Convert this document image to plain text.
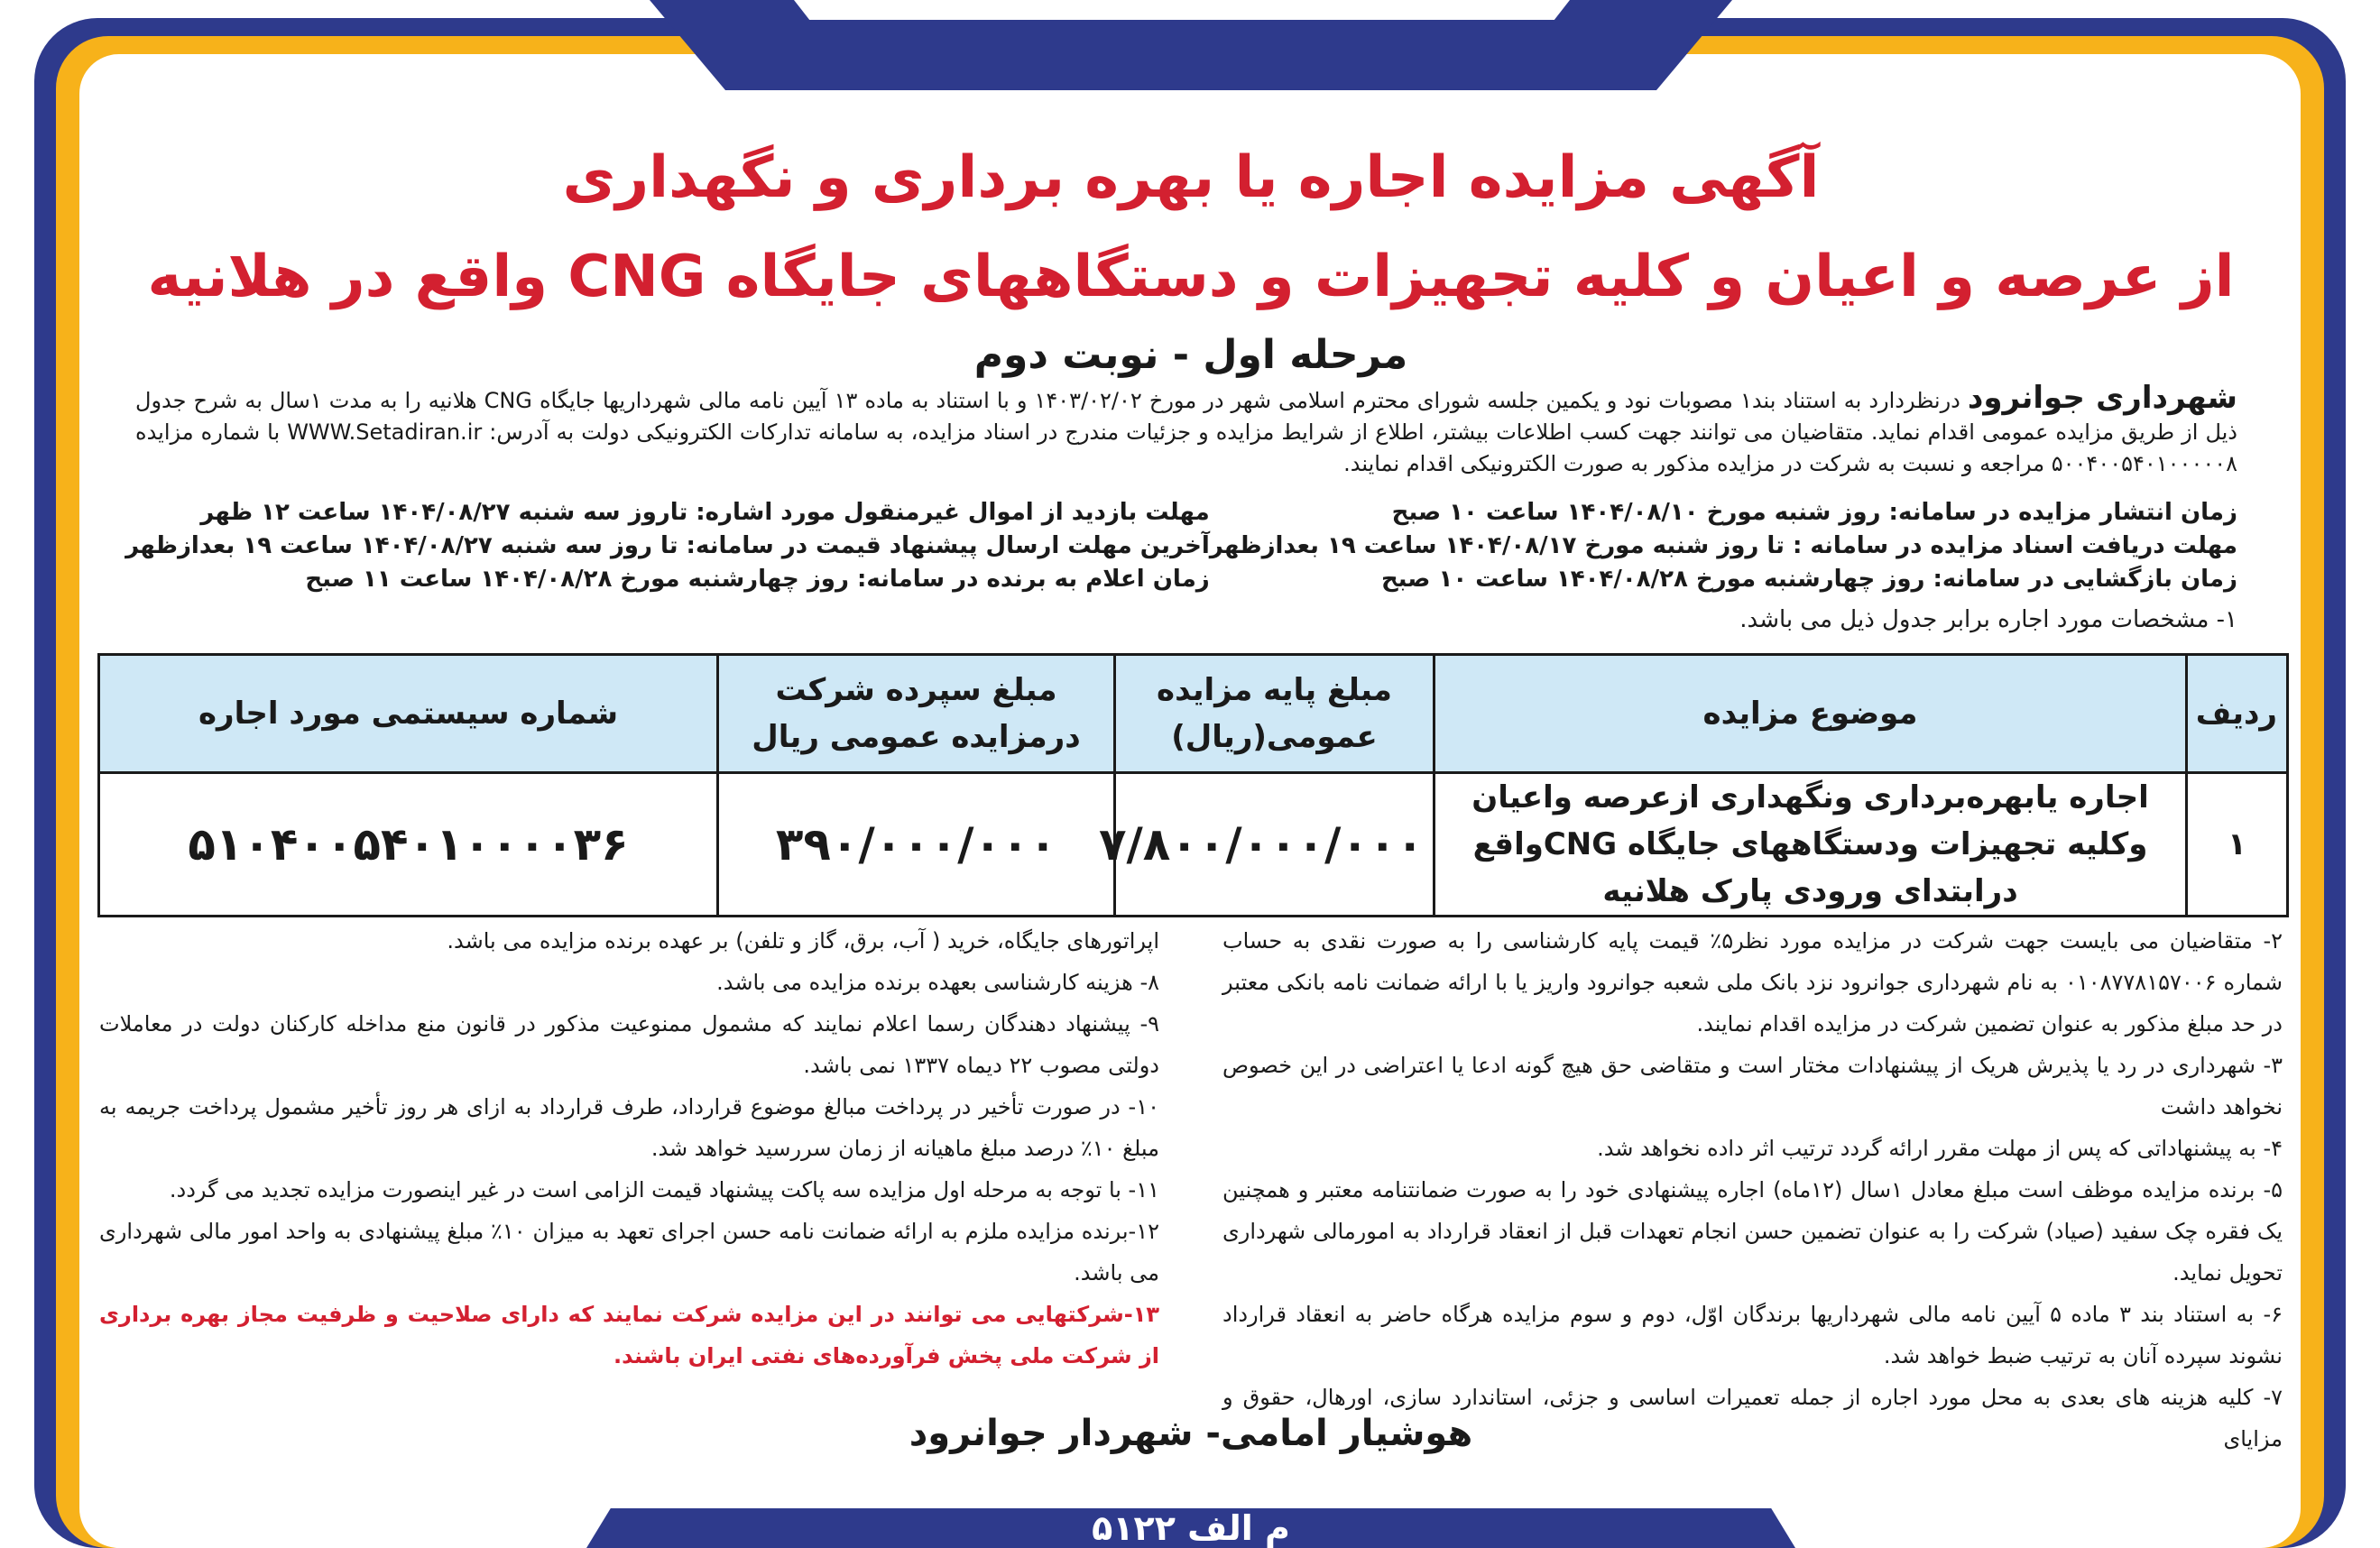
م الف ۵۱۲۲
آگهی مزایده اجاره یا بهره برداری و نگهداری
از عرصه و اعیان و کلیه تجهیزات و دستگاههای جایگاه CNG واقع در هلانیه
مرحله اول - نوبت دوم
شهرداری جوانرود درنظردارد به استناد بند۱ مصوبات نود و یکمین جلسه شورای محترم اسلامی شهر در مورخ ۱۴۰۳/۰۲/۰۲ و با استناد به ماده ۱۳ آیین نامه مالی شهرداریها جایگاه CNG هلانیه را به مدت ۱سال به شرح جدول ذیل از طریق مزایده عمومی اقدام نماید. متقاضیان می توانند جهت کسب اطلاعات بیشتر، اطلاع از شرایط مزایده و جزئیات مندرج در اسناد مزایده، به سامانه تدارکات الکترونیکی دولت به آدرس: WWW.Setadiran.ir با شماره مزایده ۵۰۰۴۰۰۵۴۰۱۰۰۰۰۰۸ مراجعه و نسبت به شرکت در مزایده مذکور به صورت الکترونیکی اقدام نمایند.
زمان انتشار مزایده در سامانه: روز شنبه مورخ ۱۴۰۴/۰۸/۱۰ ساعت ۱۰ صبح
مهلت دریافت اسناد مزایده در سامانه : تا روز شنبه مورخ ۱۴۰۴/۰۸/۱۷ ساعت ۱۹ بعدازظهر
زمان بازگشایی در سامانه: روز چهارشنبه مورخ ۱۴۰۴/۰۸/۲۸ ساعت ۱۰ صبح
مهلت بازدید از اموال غیرمنقول مورد اشاره: تاروز سه شنبه ۱۴۰۴/۰۸/۲۷ ساعت ۱۲ ظهر
آخرین مهلت ارسال پیشنهاد قیمت در سامانه: تا روز سه شنبه ۱۴۰۴/۰۸/۲۷ ساعت ۱۹ بعدازظهر
زمان اعلام به برنده در سامانه: روز چهارشنبه مورخ ۱۴۰۴/۰۸/۲۸ ساعت ۱۱ صبح
۱- مشخصات مورد اجاره برابر جدول ذیل می باشد.
ردیف	موضوع مزایده	مبلغ پایه مزایده عمومی(ریال)	مبلغ سپرده شرکت درمزایده عمومی ریال	شماره سیستمی مورد اجاره
۱	اجاره یابهره‌برداری ونگهداری ازعرصه واعیان وکلیه تجهیزات ودستگاههای جایگاه CNGواقع درابتدای ورودی پارک هلانیه	۷/۸۰۰/۰۰۰/۰۰۰	۳۹۰/۰۰۰/۰۰۰	۵۱۰۴۰۰۵۴۰۱۰۰۰۰۳۶

۲- متقاضیان می بایست جهت شرکت در مزایده مورد نظر۵٪ قیمت پایه کارشناسی را به صورت نقدی به حساب شماره ۰۱۰۸۷۷۸۱۵۷۰۰۶ به نام شهرداری جوانرود نزد بانک ملی شعبه جوانرود واریز یا با ارائه ضمانت نامه بانکی معتبر در حد مبلغ مذکور به عنوان تضمین شرکت در مزایده اقدام نمایند.

۳- شهرداری در رد یا پذیرش هریک از پیشنهادات مختار است و متقاضی حق هیچ گونه ادعا یا اعتراضی در این خصوص نخواهد داشت

۴- به پیشنهاداتی که پس از مهلت مقرر ارائه گردد ترتیب اثر داده نخواهد شد.

۵- برنده مزایده موظف است مبلغ معادل ۱سال (۱۲ماه) اجاره پیشنهادی خود را به صورت ضمانتنامه معتبر و همچنین یک فقره چک سفید (صیاد) شرکت را به عنوان تضمین حسن انجام تعهدات قبل از انعقاد قرارداد به امورمالی شهرداری تحویل نماید.

۶- به استناد بند ۳ ماده ۵ آیین نامه مالی شهرداریها برندگان اوّل، دوم و سوم مزایده هرگاه حاضر به انعقاد قرارداد نشوند سپرده آنان به ترتیب ضبط خواهد شد.

۷- کلیه هزینه های بعدی به محل مورد اجاره از جمله تعمیرات اساسی و جزئی، استاندارد سازی، اورهال، حقوق و مزایای

اپراتورهای جایگاه، خرید ( آب، برق، گاز و تلفن) بر عهده برنده مزایده می باشد.

۸- هزینه کارشناسی بعهده برنده مزایده می باشد.

۹- پیشنهاد دهندگان رسما اعلام نمایند که مشمول ممنوعیت مذکور در قانون منع مداخله کارکنان دولت در معاملات دولتی مصوب ۲۲ دیماه ۱۳۳۷ نمی باشد.

۱۰- در صورت تأخیر در پرداخت مبالغ موضوع قرارداد، طرف قرارداد به ازای هر روز تأخیر مشمول پرداخت جریمه به مبلغ ۱۰٪ درصد مبلغ ماهیانه از زمان سررسید خواهد شد.

۱۱- با توجه به مرحله اول مزایده سه پاکت پیشنهاد قیمت الزامی است در غیر اینصورت مزایده تجدید می گردد.

۱۲-برنده مزایده ملزم به ارائه ضمانت نامه حسن اجرای تعهد به میزان ۱۰٪ مبلغ پیشنهادی به واحد امور مالی شهرداری می باشد.

۱۳-شرکتهایی می توانند در این مزایده شرکت نمایند که دارای صلاحیت و ظرفیت مجاز بهره برداری از شرکت ملی پخش فرآورده‌های نفتی ایران باشند.

هوشیار امامی- شهردار جوانرود
